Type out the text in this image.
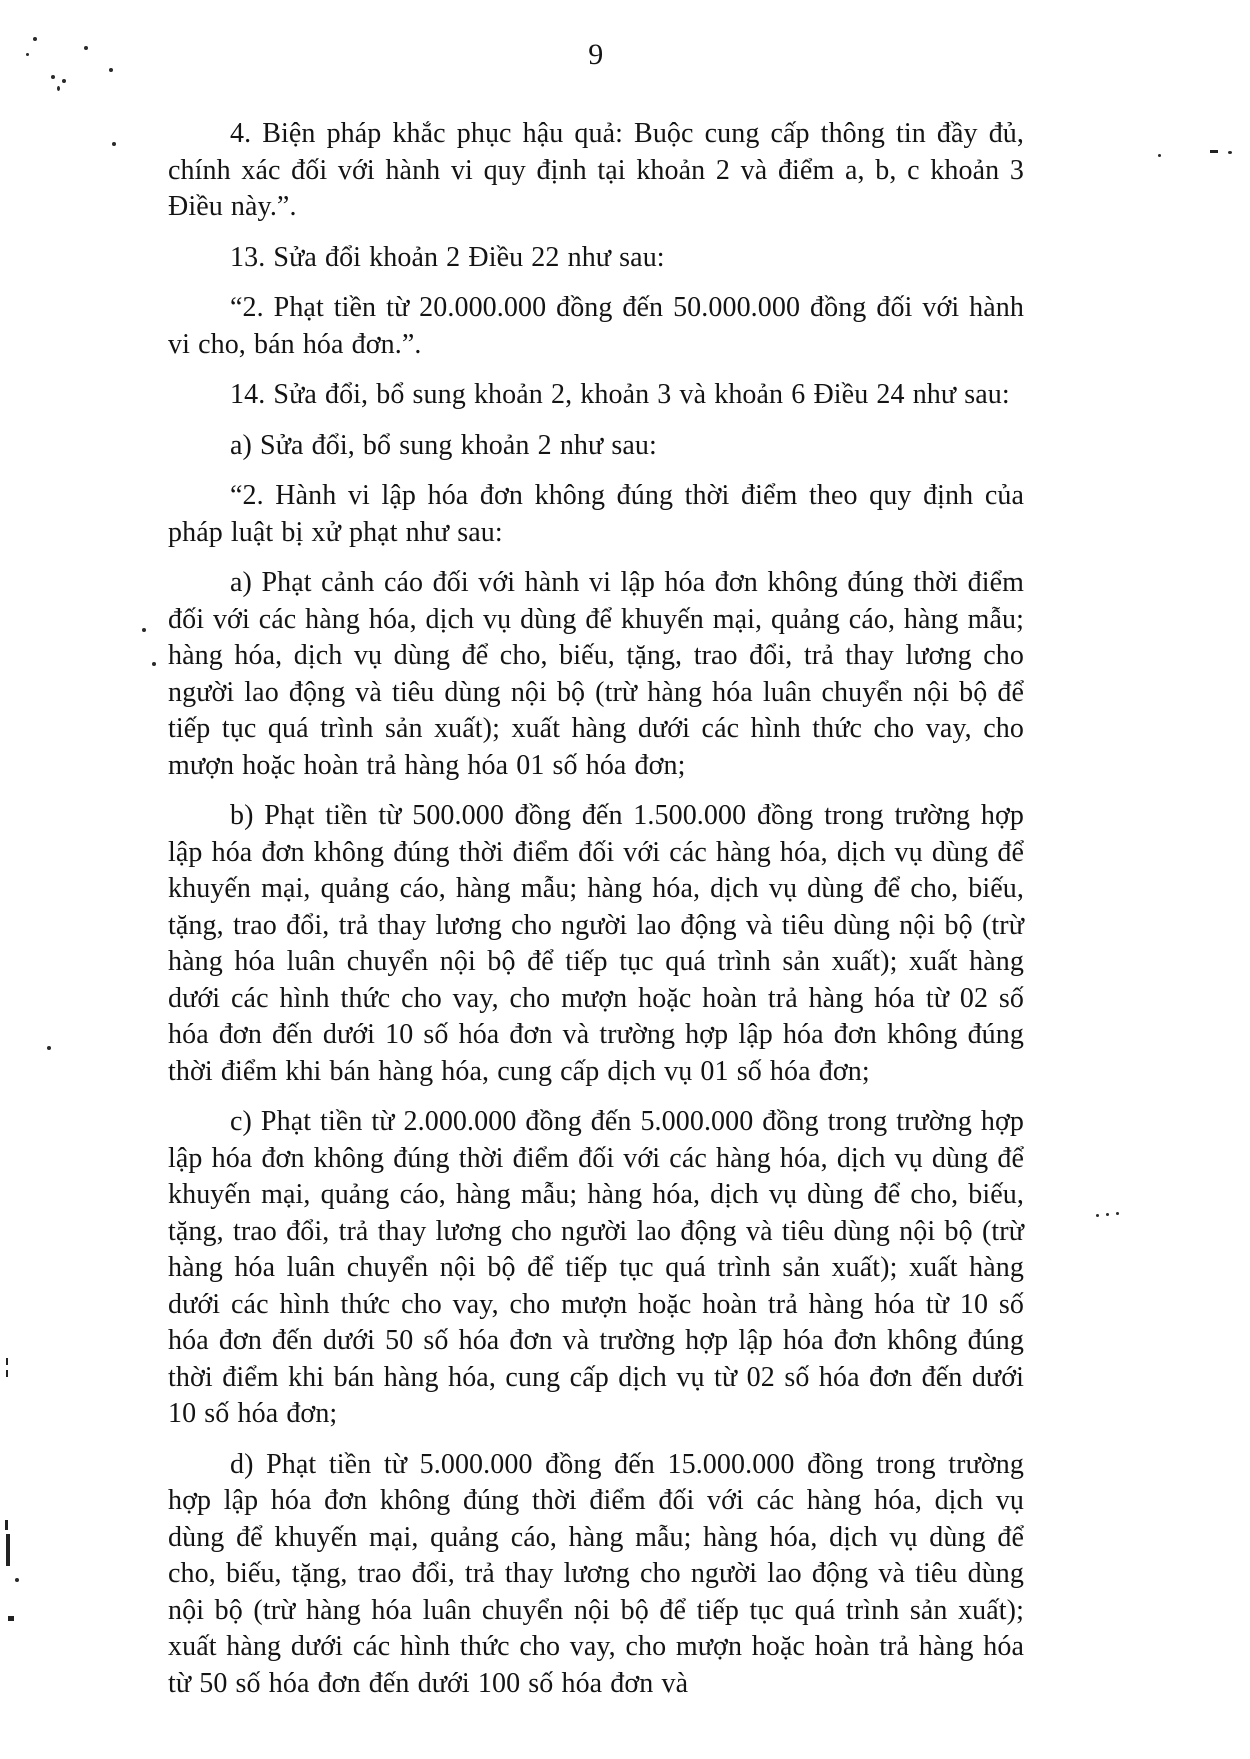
9

4. Biện pháp khắc phục hậu quả: Buộc cung cấp thông tin đầy đủ, chính xác đối với hành vi quy định tại khoản 2 và điểm a, b, c khoản 3 Điều này.”.

13. Sửa đổi khoản 2 Điều 22 như sau:

“2. Phạt tiền từ 20.000.000 đồng đến 50.000.000 đồng đối với hành vi cho, bán hóa đơn.”.

14. Sửa đổi, bổ sung khoản 2, khoản 3 và khoản 6 Điều 24 như sau:

a) Sửa đổi, bổ sung khoản 2 như sau:

“2. Hành vi lập hóa đơn không đúng thời điểm theo quy định của pháp luật bị xử phạt như sau:

a) Phạt cảnh cáo đối với hành vi lập hóa đơn không đúng thời điểm đối với các hàng hóa, dịch vụ dùng để khuyến mại, quảng cáo, hàng mẫu; hàng hóa, dịch vụ dùng để cho, biếu, tặng, trao đổi, trả thay lương cho người lao động và tiêu dùng nội bộ (trừ hàng hóa luân chuyển nội bộ để tiếp tục quá trình sản xuất); xuất hàng dưới các hình thức cho vay, cho mượn hoặc hoàn trả hàng hóa 01 số hóa đơn;

b) Phạt tiền từ 500.000 đồng đến 1.500.000 đồng trong trường hợp lập hóa đơn không đúng thời điểm đối với các hàng hóa, dịch vụ dùng để khuyến mại, quảng cáo, hàng mẫu; hàng hóa, dịch vụ dùng để cho, biếu, tặng, trao đổi, trả thay lương cho người lao động và tiêu dùng nội bộ (trừ hàng hóa luân chuyển nội bộ để tiếp tục quá trình sản xuất); xuất hàng dưới các hình thức cho vay, cho mượn hoặc hoàn trả hàng hóa từ 02 số hóa đơn đến dưới 10 số hóa đơn và trường hợp lập hóa đơn không đúng thời điểm khi bán hàng hóa, cung cấp dịch vụ 01 số hóa đơn;

c) Phạt tiền từ 2.000.000 đồng đến 5.000.000 đồng trong trường hợp lập hóa đơn không đúng thời điểm đối với các hàng hóa, dịch vụ dùng để khuyến mại, quảng cáo, hàng mẫu; hàng hóa, dịch vụ dùng để cho, biếu, tặng, trao đổi, trả thay lương cho người lao động và tiêu dùng nội bộ (trừ hàng hóa luân chuyển nội bộ để tiếp tục quá trình sản xuất); xuất hàng dưới các hình thức cho vay, cho mượn hoặc hoàn trả hàng hóa từ 10 số hóa đơn đến dưới 50 số hóa đơn và trường hợp lập hóa đơn không đúng thời điểm khi bán hàng hóa, cung cấp dịch vụ từ 02 số hóa đơn đến dưới 10 số hóa đơn;

d) Phạt tiền từ 5.000.000 đồng đến 15.000.000 đồng trong trường hợp lập hóa đơn không đúng thời điểm đối với các hàng hóa, dịch vụ dùng để khuyến mại, quảng cáo, hàng mẫu; hàng hóa, dịch vụ dùng để cho, biếu, tặng, trao đổi, trả thay lương cho người lao động và tiêu dùng nội bộ (trừ hàng hóa luân chuyển nội bộ để tiếp tục quá trình sản xuất); xuất hàng dưới các hình thức cho vay, cho mượn hoặc hoàn trả hàng hóa từ 50 số hóa đơn đến dưới 100 số hóa đơn và
